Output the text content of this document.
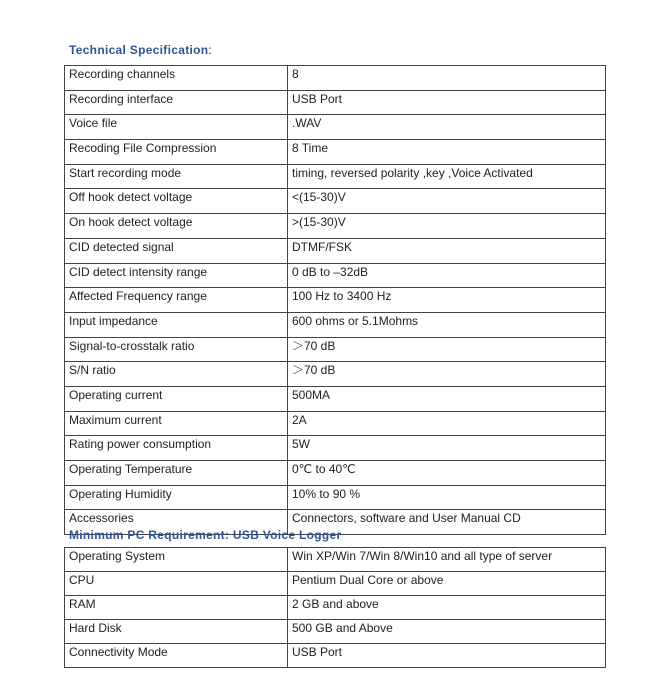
Technical Specification:
Recording channels	8
Recording interface	USB Port
Voice file	.WAV
Recoding File Compression	8 Time
Start recording mode	timing, reversed polarity ,key ,Voice Activated
Off hook detect voltage	<(15-30)V
On hook detect voltage	>(15-30)V
CID detected signal	DTMF/FSK
CID detect intensity range	0 dB to –32dB
Affected Frequency range	100 Hz to 3400 Hz
Input impedance	600 ohms or 5.1Mohms
Signal-to-crosstalk ratio	＞70 dB
S/N ratio	＞70 dB
Operating current	500MA
Maximum current	2A
Rating power consumption	5W
Operating Temperature	0℃ to 40℃
Operating Humidity	10% to 90 %
Accessories	Connectors, software and User Manual CD
Minimum PC Requirement: USB Voice Logger
Operating System	Win XP/Win 7/Win 8/Win10 and all type of server
CPU	Pentium Dual Core or above
RAM	2 GB and above
Hard Disk	500 GB and Above
Connectivity Mode	USB Port
